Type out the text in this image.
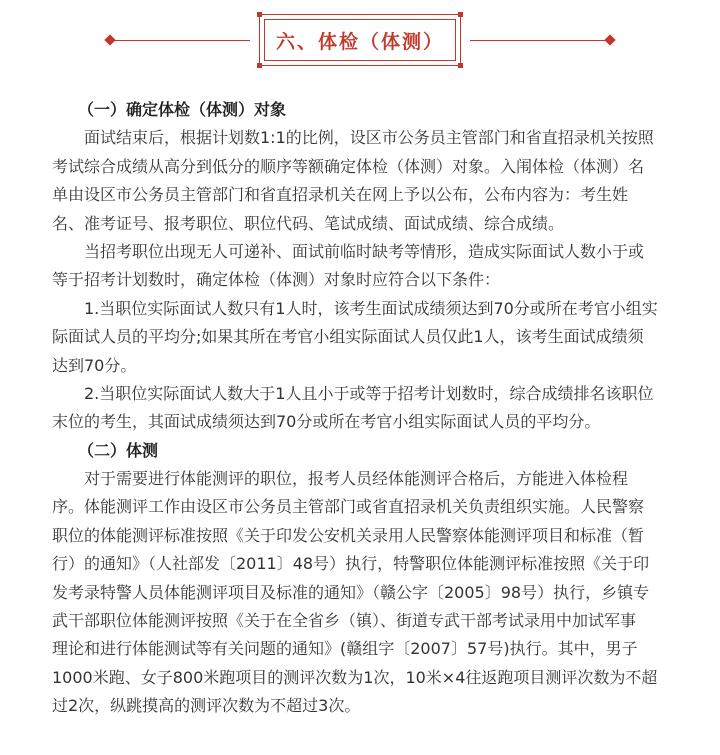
六、体检（体测）
（一）确定体检（体测）对象
面试结束后，根据计划数1:1的比例，设区市公务员主管部门和省直招录机关按照
考试综合成绩从高分到低分的顺序等额确定体检（体测）对象。入闱体检（体测）名
单由设区市公务员主管部门和省直招录机关在网上予以公布，公布内容为：考生姓
名、准考证号、报考职位、职位代码、笔试成绩、面试成绩、综合成绩。
当招考职位出现无人可递补、面试前临时缺考等情形，造成实际面试人数小于或
等于招考计划数时，确定体检（体测）对象时应符合以下条件：
1.当职位实际面试人数只有1人时，该考生面试成绩须达到70分或所在考官小组实
际面试人员的平均分;如果其所在考官小组实际面试人员仅此1人，该考生面试成绩须
达到70分。
2.当职位实际面试人数大于1人且小于或等于招考计划数时，综合成绩排名该职位
末位的考生，其面试成绩须达到70分或所在考官小组实际面试人员的平均分。
（二）体测
对于需要进行体能测评的职位，报考人员经体能测评合格后，方能进入体检程
序。体能测评工作由设区市公务员主管部门或省直招录机关负责组织实施。人民警察
职位的体能测评标准按照《关于印发公安机关录用人民警察体能测评项目和标准（暂
行）的通知》（人社部发〔2011〕48号）执行，特警职位体能测评标准按照《关于印
发考录特警人员体能测评项目及标准的通知》（赣公字〔2005〕98号）执行，乡镇专
武干部职位体能测评按照《关于在全省乡（镇）、街道专武干部考试录用中加试军事
理论和进行体能测试等有关问题的通知》(赣组字〔2007〕57号)执行。其中，男子
1000米跑、女子800米跑项目的测评次数为1次，10米×4往返跑项目测评次数为不超
过2次，纵跳摸高的测评次数为不超过3次。
